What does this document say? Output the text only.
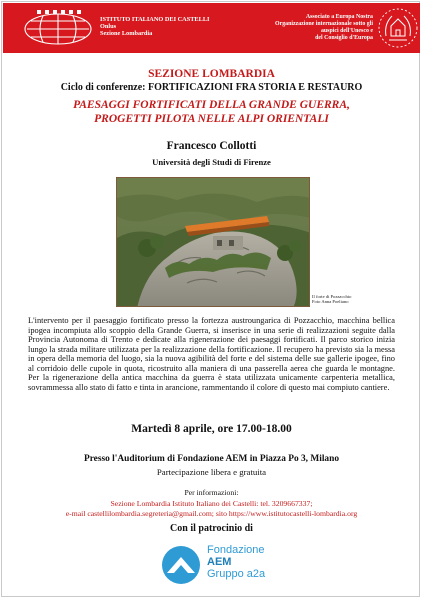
ISTITUTO ITALIANO DEI CASTELLI
Onlus
Sezione Lombardia
Associato a Europa Nostra
Organizzazione internazionale sotto gli
auspici dell'Unesco e
del Consiglio d'Europa
SEZIONE LOMBARDIA
Ciclo di conferenze: FORTIFICAZIONI FRA STORIA E RESTAURO
PAESAGGI FORTIFICATI DELLA GRANDE GUERRA,
PROGETTI PILOTA NELLE ALPI ORIENTALI
Francesco Collotti
Università degli Studi di Firenze
Il forte di Pozzacchio
Foto Anna Poeliano
L'intervento per il paesaggio fortificato presso la fortezza austroungarica di Pozzacchio, macchina bellica ipogea incompiuta allo scoppio della Grande Guerra, si inserisce in una serie di realizzazioni seguite dalla Provincia Autonoma di Trento e dedicate alla rigenerazione dei paesaggi fortificati. Il parco storico inizia lungo la strada militare utilizzata per la realizzazione della fortificazione. Il recupero ha previsto sia la messa in opera della memoria del luogo, sia la nuova agibilità del forte e del sistema delle sue gallerie ipogee, fino al corridoio delle cupole in quota, ricostruito alla maniera di una passerella aerea che guarda le montagne. Per la rigenerazione della antica macchina da guerra è stata utilizzata unicamente carpenteria metallica, sovrammessa allo stato di fatto e tinta in arancione, rammentando il colore di questo mai compiuto cantiere.
Martedì 8 aprile, ore 17.00-18.00
Presso l'Auditorium di Fondazione AEM in Piazza Po 3, Milano
Partecipazione libera e gratuita
Per informazioni:
Sezione Lombardia Istituto Italiano dei Castelli: tel. 3209667337;
e-mail castellilombardia.segreteria@gmail.com; sito https://www.istitutocastelli-lombardia.org
Con il patrocinio di
Fondazione
AEM
Gruppo a2a
